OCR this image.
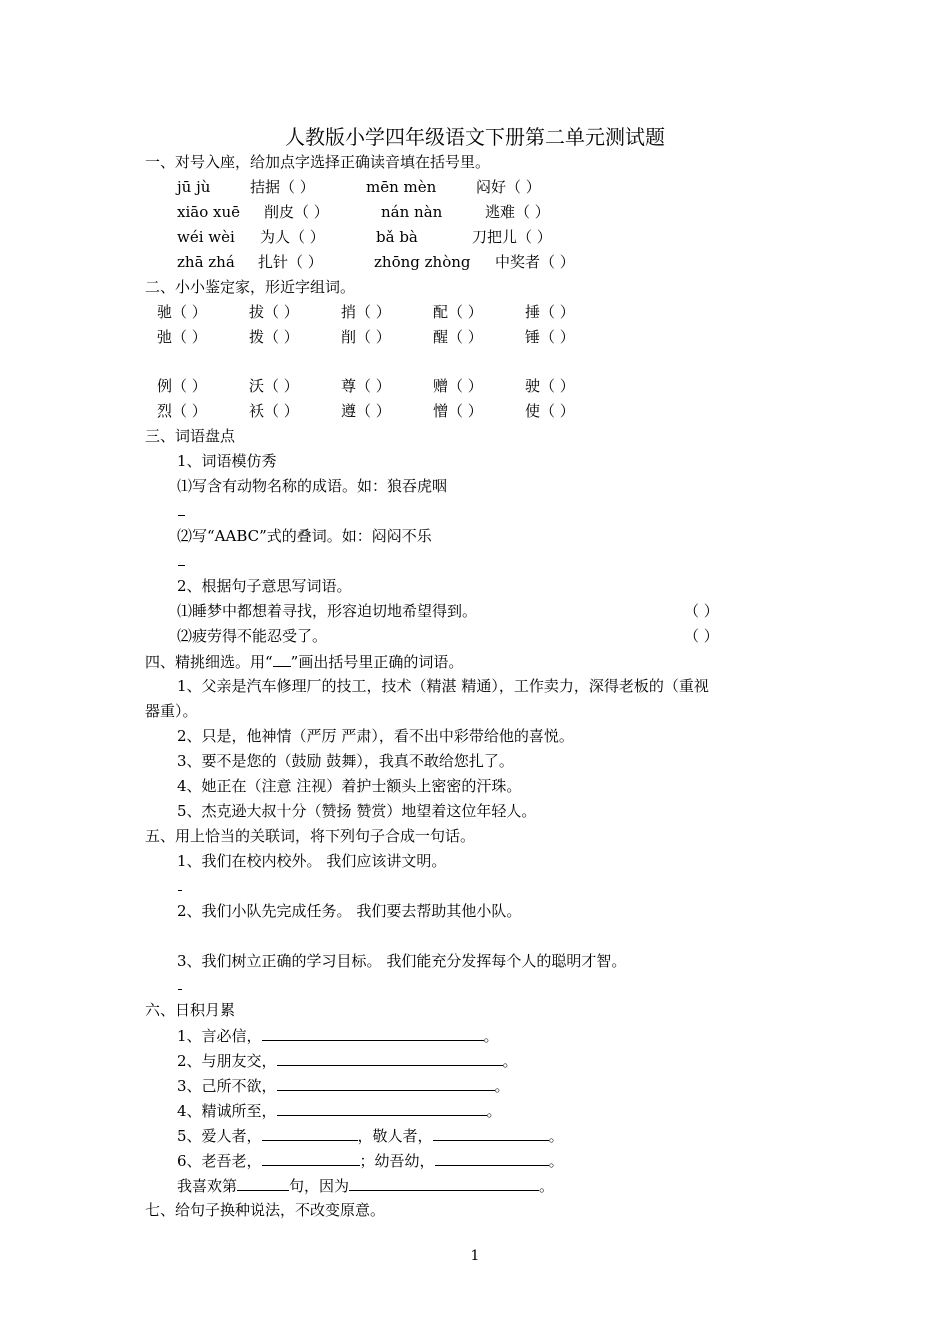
人教版小学四年级语文下册第二单元测试题
一、对号入座，给加点字选择正确读音填在括号里。
jū jù	拮据（ ）	mēn mèn	闷好（ ）
xiāo xuē 削皮（ ）	nán nàn	逃难（ ）
wéi wèi 为人（ ）	bǎ bà	刀把儿（ ）
zhā zhá 扎针（ ）	zhōng zhòng 中奖者（ ）
二、小小鉴定家，形近字组词。
驰（ ）	拔（ ）	捎（ ）	配（ ）	捶（ ）
弛（ ）	拨（ ）	削（ ）	醒（ ）	锤（ ）
例（ ）	沃（ ）	尊（ ）	赠（ ）	驶（ ）
烈（ ）	袄（ ）	遵（ ）	憎（ ）	使（ ）
三、词语盘点
1、词语模仿秀
⑴写含有动物名称的成语。如：狼吞虎咽
⑵写“AABC”式的叠词。如：闷闷不乐
2、根据句子意思写词语。
⑴睡梦中都想着寻找，形容迫切地希望得到。	（ ）
⑵疲劳得不能忍受了。	（ ）
四、精挑细选。用“ ”画出括号里正确的词语。
1、父亲是汽车修理厂的技工，技术（精湛 精通），工作卖力，深得老板的（重视
器重）。
2、只是，他神情（严厉 严肃），看不出中彩带给他的喜悦。
3、要不是您的（鼓励 鼓舞），我真不敢给您扎了。
4、她正在（注意 注视）着护士额头上密密的汗珠。
5、杰克逊大叔十分（赞扬 赞赏）地望着这位年轻人。
五、用上恰当的关联词，将下列句子合成一句话。
1、我们在校内校外。 我们应该讲文明。
2、我们小队先完成任务。 我们要去帮助其他小队。
3、我们树立正确的学习目标。 我们能充分发挥每个人的聪明才智。
六、日积月累
1、言必信，	。
2、与朋友交，	。
3、己所不欲，	。
4、精诚所至，	。
5、爱人者，	，敬人者，	。
6、老吾老，	；幼吾幼，	。
我喜欢第	句，因为	。
七、给句子换种说法，不改变原意。
1
